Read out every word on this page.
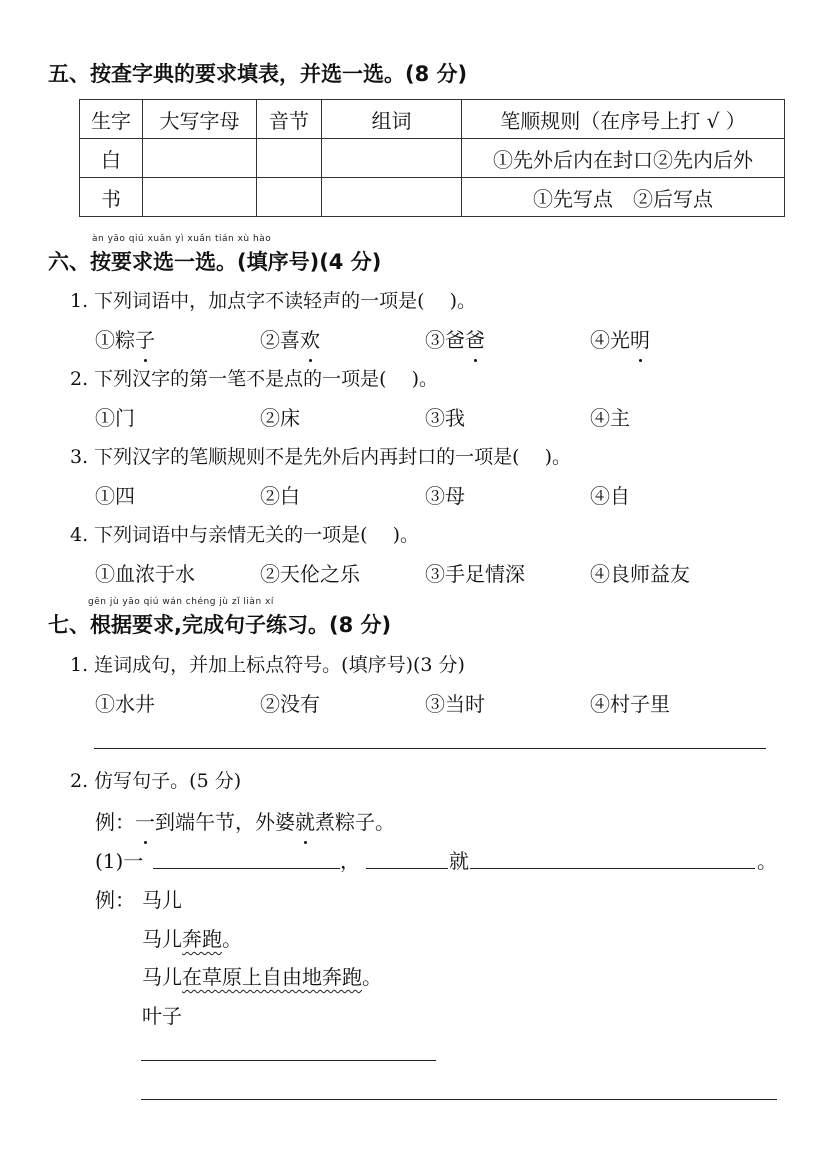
五、按查字典的要求填表，并选一选。(8 分)
生字	大写字母	音节	组词	笔顺规则（在序号上打 √ ）
白				①先外后内在封口②先内后外
书				①先写点　②后写点
àn yāo qiú xuǎn yì xuǎn tián xù hào
六、按要求选一选。(填序号)(4 分)
1. 下列词语中，加点字不读轻声的一项是(　 )。
①粽子	②喜欢	③爸爸	④光明
2. 下列汉字的第一笔不是点的一项是(　 )。
①门	②床	③我	④主
3. 下列汉字的笔顺规则不是先外后内再封口的一项是(　 )。
①四	②白	③母	④自
4. 下列词语中与亲情无关的一项是(　 )。
①血浓于水	②天伦之乐	③手足情深	④良师益友
gēn jù yāo qiú wán chéng jù zǐ liàn xí
七、根据要求,完成句子练习。(8 分)
1. 连词成句，并加上标点符号。(填序号)(3 分)
①水井	②没有	③当时	④村子里
2. 仿写句子。(5 分)
例：一到端午节，外婆就煮粽子。
(1)一	，	就	。
例： 马儿
马儿奔跑。
马儿在草原上自由地奔跑。
叶子
